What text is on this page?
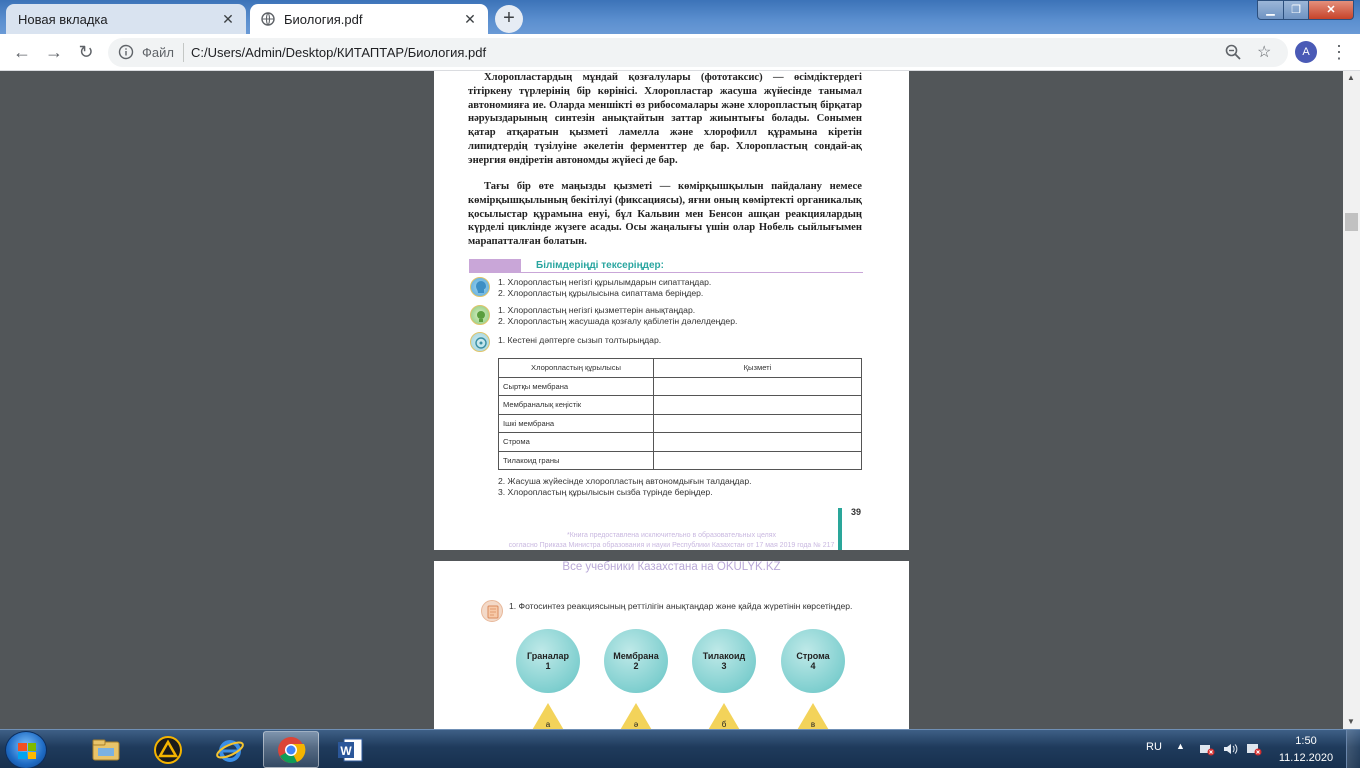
Новая вкладка	✕	Биология.pdf	✕	+	▁	❐	✕
← → ↻	Файл C:/Users/Admin/Desktop/КИТАПТАР/Биология.pdf	☆	A	⋮
Хлоропластардың мұндай қозғалулары (фототаксис) — өсімдіктердегі тітіркену түрлерінің бір көрінісі. Хлоропластар жасуша жүйесінде танымал автономияға ие. Оларда меншікті өз рибосомалары және хлоропластың бірқатар нәруыздарының синтезін анықтайтын заттар жиынтығы болады. Сонымен қатар атқаратын қызметі ламелла және хлорофилл құрамына кіретін липидтердің түзілуіне әкелетін ферменттер де бар. Хлоропластың сондай-ақ энергия өндіретін автономды жүйесі де бар.
Тағы бір өте маңызды қызметі — көмірқышқылын пайдалану немесе көмірқышқылының бекітілуі (фиксациясы), яғни оның көміртекті органикалық қосылыстар құрамына енуі, бұл Кальвин мен Бенсон ашқан реакциялардың күрделі циклінде жүзеге асады. Осы жаңалығы үшін олар Нобель сыйлығымен марапатталған болатын.
Білімдеріңді тексеріңдер:
1. Хлоропластың негізгі құрылымдарын сипаттаңдар.
2. Хлоропластың құрылысына сипаттама беріңдер.
1. Хлоропластың негізгі қызметтерін анықтаңдар.
2. Хлоропластың жасушада қозғалу қабілетін дәлелдеңдер.
1. Кестені дәптерге сызып толтырыңдар.
Хлоропластың құрылысы	Қызметі
Сыртқы мембрана	
Мембраналық кеңістік	
Ішкі мембрана	
Строма	
Тилакоид граны	
2. Жасуша жүйесінде хлоропластың автономдығын талдаңдар.
3. Хлоропластың құрылысын сызба түрінде беріңдер.
39
*Книга предоставлена исключительно в образовательных целях
согласно Приказа Министра образования и науки Республики Казахстан от 17 мая 2019 года № 217
Все учебники Казахстана на OKULYK.KZ
1. Фотосинтез реакциясының реттілігін анықтаңдар және қайда жүретінін көрсетіңдер.
Граналар
1
Мембрана
2
Тилакоид
3
Строма
4
а	ә	б	в
▲
▼
W	RU ▲	1:50
11.12.2020
